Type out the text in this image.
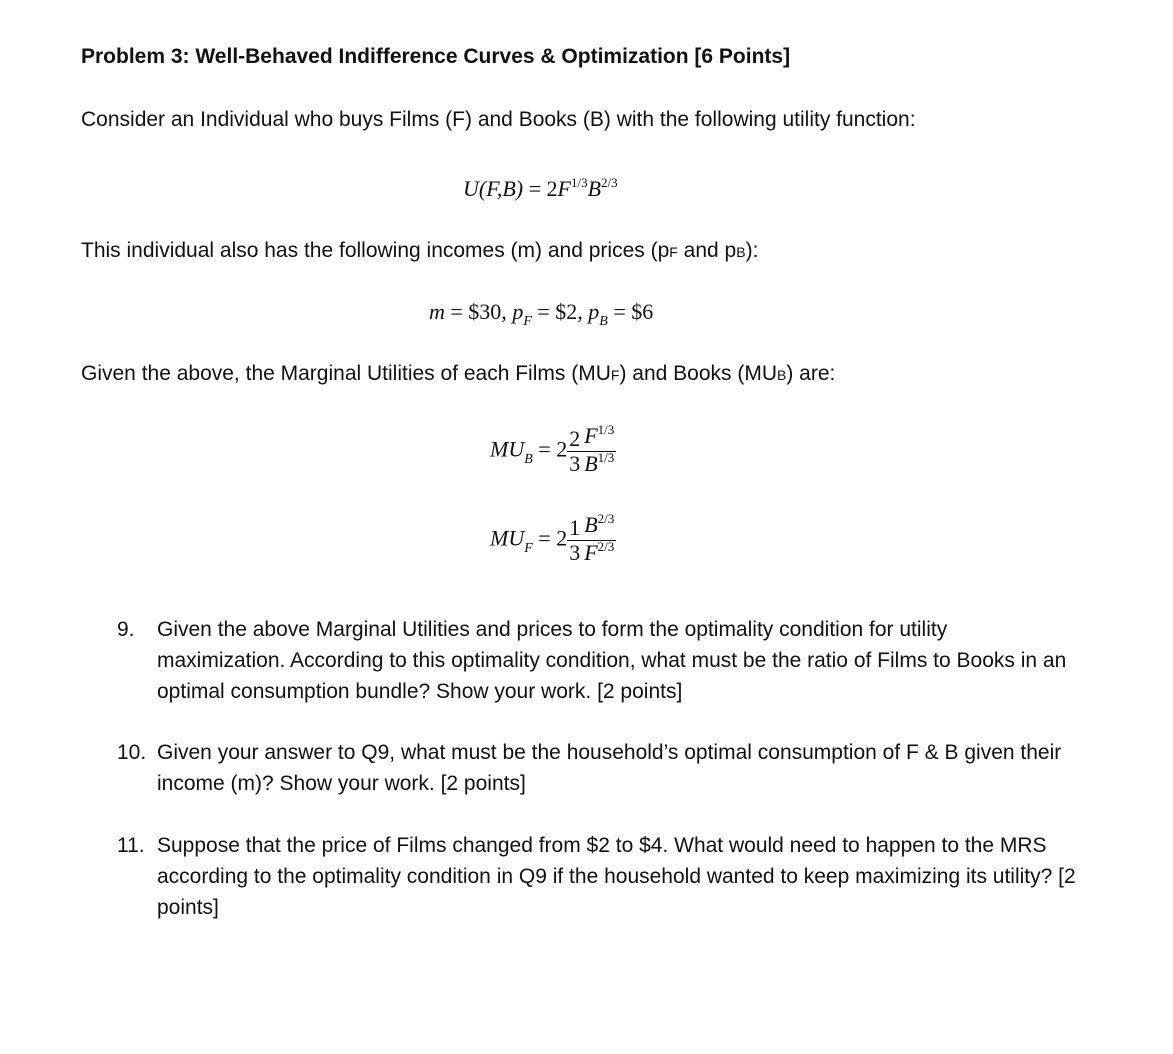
Problem 3: Well-Behaved Indifference Curves & Optimization [6 Points]
Consider an Individual who buys Films (F) and Books (B) with the following utility function:
$U(F,B) = 2F^{1/3}B^{2/3}$
This individual also has the following incomes (m) and prices (pF and pB):
m = $30, $p_F$ = $2, $p_B$ = $6
Given the above, the Marginal Utilities of each Films (MUF) and Books (MUB) are:
$MU_B = 2 \frac{2}{3} \frac{F^{1/3}}{B^{1/3}}$
$MU_F = 2 \frac{1}{3} \frac{B^{2/3}}{F^{2/3}}$
9. Given the above Marginal Utilities and prices to form the optimality condition for utility maximization. According to this optimality condition, what must be the ratio of Films to Books in an optimal consumption bundle? Show your work. [2 points]
10. Given your answer to Q9, what must be the household’s optimal consumption of F & B given their income (m)? Show your work. [2 points]
11. Suppose that the price of Films changed from $2 to $4. What would need to happen to the MRS according to the optimality condition in Q9 if the household wanted to keep maximizing its utility? [2 points]
